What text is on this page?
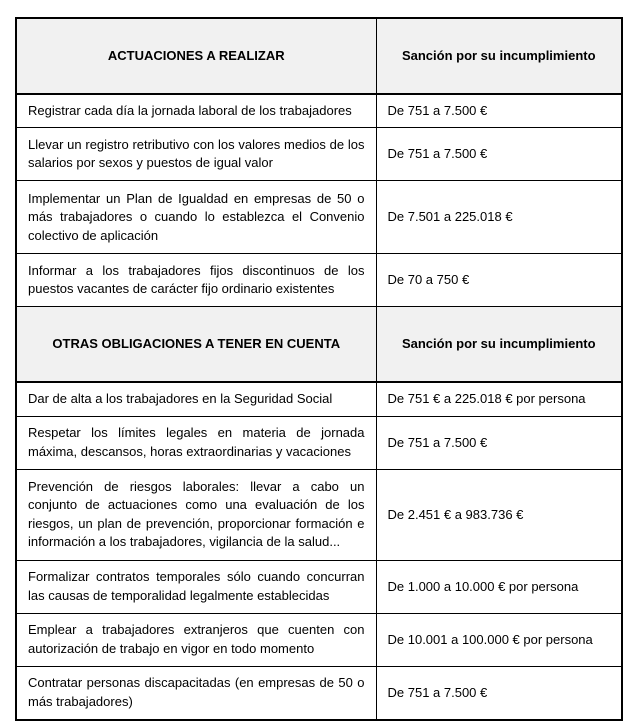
ACTUACIONES A REALIZAR	Sanción por su incumplimiento
Registrar cada día la jornada laboral de los trabajadores	De 751 a 7.500 €
Llevar un registro retributivo con los valores medios de los salarios por sexos y puestos de igual valor	De 751 a 7.500 €
Implementar un Plan de Igualdad en empresas de 50 o más trabajadores o cuando lo establezca el Convenio colectivo de aplicación	De 7.501 a 225.018 €
Informar a los trabajadores fijos discontinuos de los puestos vacantes de carácter fijo ordinario existentes	De 70 a 750 €
OTRAS OBLIGACIONES A TENER EN CUENTA	Sanción por su incumplimiento
Dar de alta a los trabajadores en la Seguridad Social	De 751 € a 225.018 € por persona
Respetar los límites legales en materia de jornada máxima, descansos, horas extraordinarias y vacaciones	De 751 a 7.500 €
Prevención de riesgos laborales: llevar a cabo un conjunto de actuaciones como una evaluación de los riesgos, un plan de prevención, proporcionar formación e información a los trabajadores, vigilancia de la salud...	De 2.451 € a 983.736 €
Formalizar contratos temporales sólo cuando concurran las causas de temporalidad legalmente establecidas	De 1.000 a 10.000 € por persona
Emplear a trabajadores extranjeros que cuenten con autorización de trabajo en vigor en todo momento	De 10.001 a 100.000 € por persona
Contratar personas discapacitadas (en empresas de 50 o más trabajadores)	De 751 a 7.500 €
